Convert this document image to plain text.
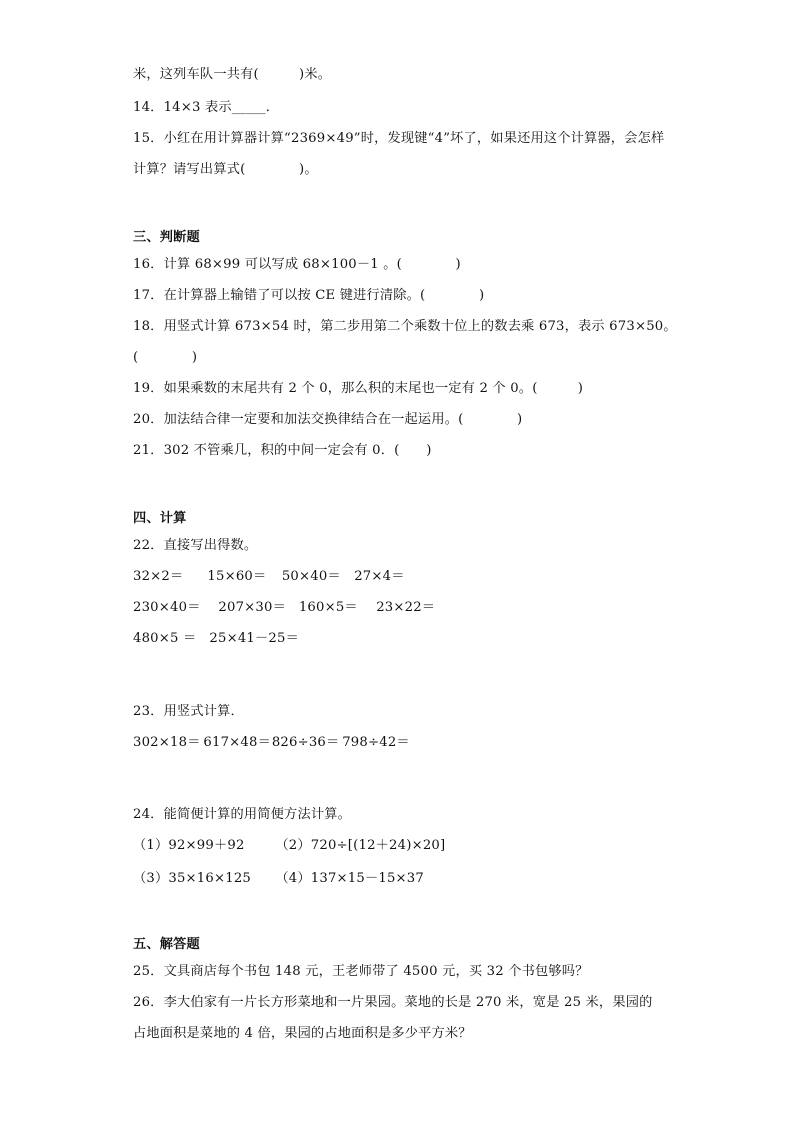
米，这列车队一共有(　　　)米。
14．14×3 表示_____．
15．小红在用计算器计算“2369×49”时，发现键“4”坏了，如果还用这个计算器，会怎样
计算？请写出算式(　　　　)。
三、判断题
16．计算 68×99 可以写成 68×100－1 。(　　　　)
17．在计算器上输错了可以按 CE 键进行清除。(　　　　)
18．用竖式计算 673×54 时，第二步用第二个乘数十位上的数去乘 673，表示 673×50。
(　　　　)
19．如果乘数的末尾共有 2 个 0，那么积的末尾也一定有 2 个 0。(　　　)
20．加法结合律一定要和加法交换律结合在一起运用。(　　　　)
21．302 不管乘几，积的中间一定会有 0．(　　)
四、计算
22．直接写出得数。
32×2＝ 15×60＝ 50×40＝ 27×4＝
230×40＝ 207×30＝ 160×5＝ 23×22＝
480×5 ＝ 25×41－25＝
23．用竖式计算．
302×18＝ 617×48＝ 826÷36＝ 798÷42＝
24．能简便计算的用简便方法计算。
（1）92×99＋92 （2）720÷[(12＋24)×20]
（3）35×16×125 （4）137×15－15×37
五、解答题
25．文具商店每个书包 148 元，王老师带了 4500 元，买 32 个书包够吗？
26．李大伯家有一片长方形菜地和一片果园。菜地的长是 270 米，宽是 25 米，果园的
占地面积是菜地的 4 倍，果园的占地面积是多少平方米？
